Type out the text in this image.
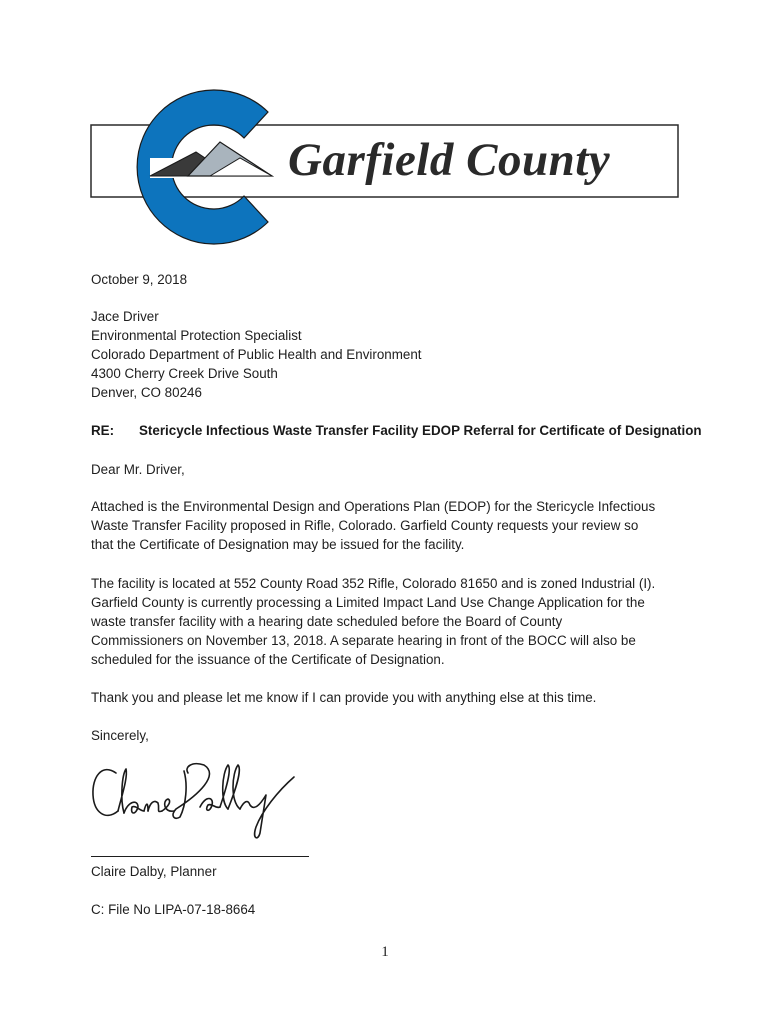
Garfield County
October 9, 2018
Jace Driver
Environmental Protection Specialist
Colorado Department of Public Health and Environment
4300 Cherry Creek Drive South
Denver, CO 80246
RE: Stericycle Infectious Waste Transfer Facility EDOP Referral for Certificate of Designation
Dear Mr. Driver,
Attached is the Environmental Design and Operations Plan (EDOP) for the Stericycle Infectious
Waste Transfer Facility proposed in Rifle, Colorado. Garfield County requests your review so
that the Certificate of Designation may be issued for the facility.
The facility is located at 552 County Road 352 Rifle, Colorado 81650 and is zoned Industrial (I).
Garfield County is currently processing a Limited Impact Land Use Change Application for the
waste transfer facility with a hearing date scheduled before the Board of County
Commissioners on November 13, 2018. A separate hearing in front of the BOCC will also be
scheduled for the issuance of the Certificate of Designation.
Thank you and please let me know if I can provide you with anything else at this time.
Sincerely,
Claire Dalby, Planner
C: File No LIPA-07-18-8664
1
